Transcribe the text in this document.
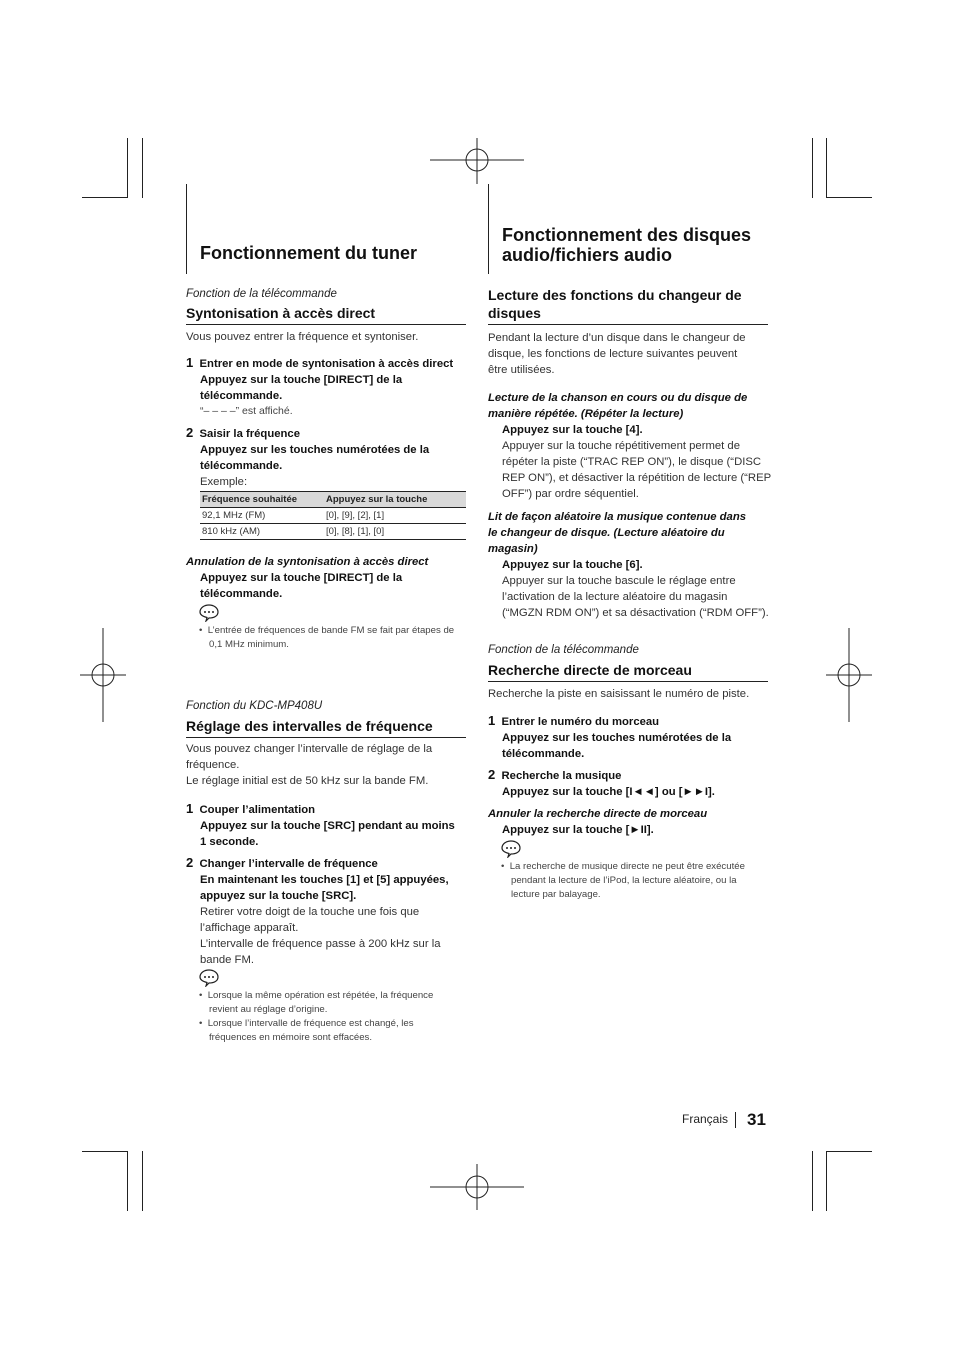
Fonctionnement du tuner
Fonction de la télécommande
Syntonisation à accès direct
Vous pouvez entrer la fréquence et syntoniser.
1 Entrer en mode de syntonisation à accès direct
Appuyez sur la touche [DIRECT] de la
télécommande.
“– – – –” est affiché.
2 Saisir la fréquence
Appuyez sur les touches numérotées de la
télécommande.
Exemple:
Fréquence souhaitée	Appuyez sur la touche
92,1 MHz (FM)	[0], [9], [2], [1]
810 kHz (AM)	[0], [8], [1], [0]
Annulation de la syntonisation à accès direct
Appuyez sur la touche [DIRECT] de la
télécommande.
•  L’entrée de fréquences de bande FM se fait par étapes de
0,1 MHz minimum.
Fonction du KDC-MP408U
Réglage des intervalles de fréquence
Vous pouvez changer l’intervalle de réglage de la
fréquence.
Le réglage initial est de 50 kHz sur la bande FM.
1 Couper l’alimentation
Appuyez sur la touche [SRC] pendant au moins
1 seconde.
2 Changer l’intervalle de fréquence
En maintenant les touches [1] et [5] appuyées,
appuyez sur la touche [SRC].
Retirer votre doigt de la touche une fois que
l’affichage apparaît.
L’intervalle de fréquence passe à 200 kHz sur la
bande FM.
•  Lorsque la même opération est répétée, la fréquence
revient au réglage d’origine.
•  Lorsque l’intervalle de fréquence est changé, les
fréquences en mémoire sont effacées.
Fonctionnement des disques
audio/fichiers audio
Lecture des fonctions du changeur de
disques
Pendant la lecture d’un disque dans le changeur de
disque, les fonctions de lecture suivantes peuvent
être utilisées.
Lecture de la chanson en cours ou du disque de
manière répétée. (Répéter la lecture)
Appuyez sur la touche [4].
Appuyer sur la touche répétitivement permet de
répéter la piste (“TRAC REP ON”), le disque (“DISC
REP ON”), et désactiver la répétition de lecture (“REP
OFF”) par ordre séquentiel.
Lit de façon aléatoire la musique contenue dans
le changeur de disque. (Lecture aléatoire du
magasin)
Appuyez sur la touche [6].
Appuyer sur la touche bascule le réglage entre
l’activation de la lecture aléatoire du magasin
(“MGZN RDM ON”) et sa désactivation (“RDM OFF”).
Fonction de la télécommande
Recherche directe de morceau
Recherche la piste en saisissant le numéro de piste.
1 Entrer le numéro du morceau
Appuyez sur les touches numérotées de la
télécommande.
2 Recherche la musique
Appuyez sur la touche [I◄◄] ou [►►I].
Annuler la recherche directe de morceau
Appuyez sur la touche [►II].
•  La recherche de musique directe ne peut être exécutée
pendant la lecture de l’iPod, la lecture aléatoire, ou la
lecture par balayage.
Français 31
